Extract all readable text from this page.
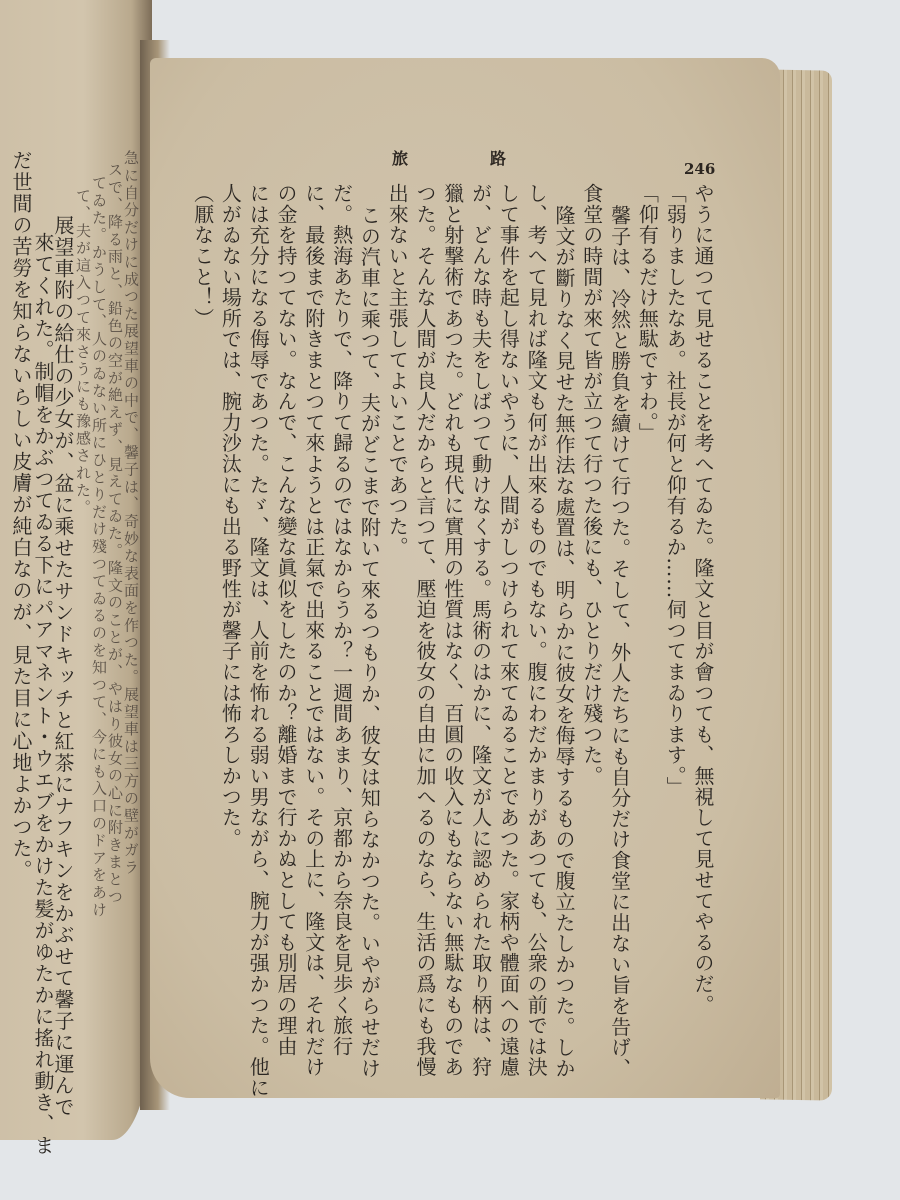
旅路
246
やうに通つて見せることを考へてゐた。隆文と目が會つても、無視して見せてやるのだ。
「弱りましたなあ。社長が何と仰有るか……伺つてまゐります。」
「仰有るだけ無駄ですわ。」
馨子は、冷然と勝負を續けて行つた。そして、外人たちにも自分だけ食堂に出ない旨を告げ、
食堂の時間が來て皆が立つて行つた後にも、ひとりだけ殘つた。
隆文が斷りなく見せた無作法な處置は、明らかに彼女を侮辱するもので腹立たしかつた。しか
し、考へて見れば隆文も何が出來るものでもない。腹にわだかまりがあつても、公衆の前では決
して事件を起し得ないやうに、人間がしつけられて來てゐることであつた。家柄や體面への遠慮
が、どんな時も夫をしばつて動けなくする。馬術のはかに、隆文が人に認められた取り柄は、狩
獵と射撃術であつた。どれも現代に實用の性質はなく、百圓の收入にもならない無駄なものであ
つた。そんな人間が良人だからと言つて、壓迫を彼女の自由に加へるのなら、生活の爲にも我慢
出來ないと主張してよいことであつた。
この汽車に乘つて、夫がどこまで附いて來るつもりか、彼女は知らなかつた。いやがらせだけ
だ。熱海あたりで、降りて歸るのではなからうか？一週間あまり、京都から奈良を見歩く旅行
に、最後まで附きまとつて來ようとは正氣で出來ることではない。その上に、隆文は、それだけ
の金を持つてない。なんで、こんな變な眞似をしたのか？離婚まで行かぬとしても別居の理由
には充分になる侮辱であつた。たゞ、隆文は、人前を怖れる弱い男ながら、腕力が强かつた。他に
人がゐない場所では、腕力沙汰にも出る野性が馨子には怖ろしかつた。
（厭なこと！）
急に自分だけに成つた展望車の中で、馨子は、奇妙な表面を作つた。展望車は三方の壁がガラ
スで、降る雨と、鉛色の空が絶えず、見えてゐた。隆文のことが、やはり彼女の心に附きまとつ
てゐた。かうして、人のゐない所にひとりだけ殘つてゐるのを知つて、今にも入口のドアをあけ
て、夫が這入つて來さうにも豫感された。
展望車附の給仕の少女が、盆に乘せたサンドキッチと紅茶にナフキンをかぶせて馨子に運んで
來てくれた。制帽をかぶつてゐる下にパアマネント・ウエブをかけた髪がゆたかに搖れ動き、ま
だ世間の苦勞を知らないらしい皮膚が純白なのが、見た目に心地よかつた。
